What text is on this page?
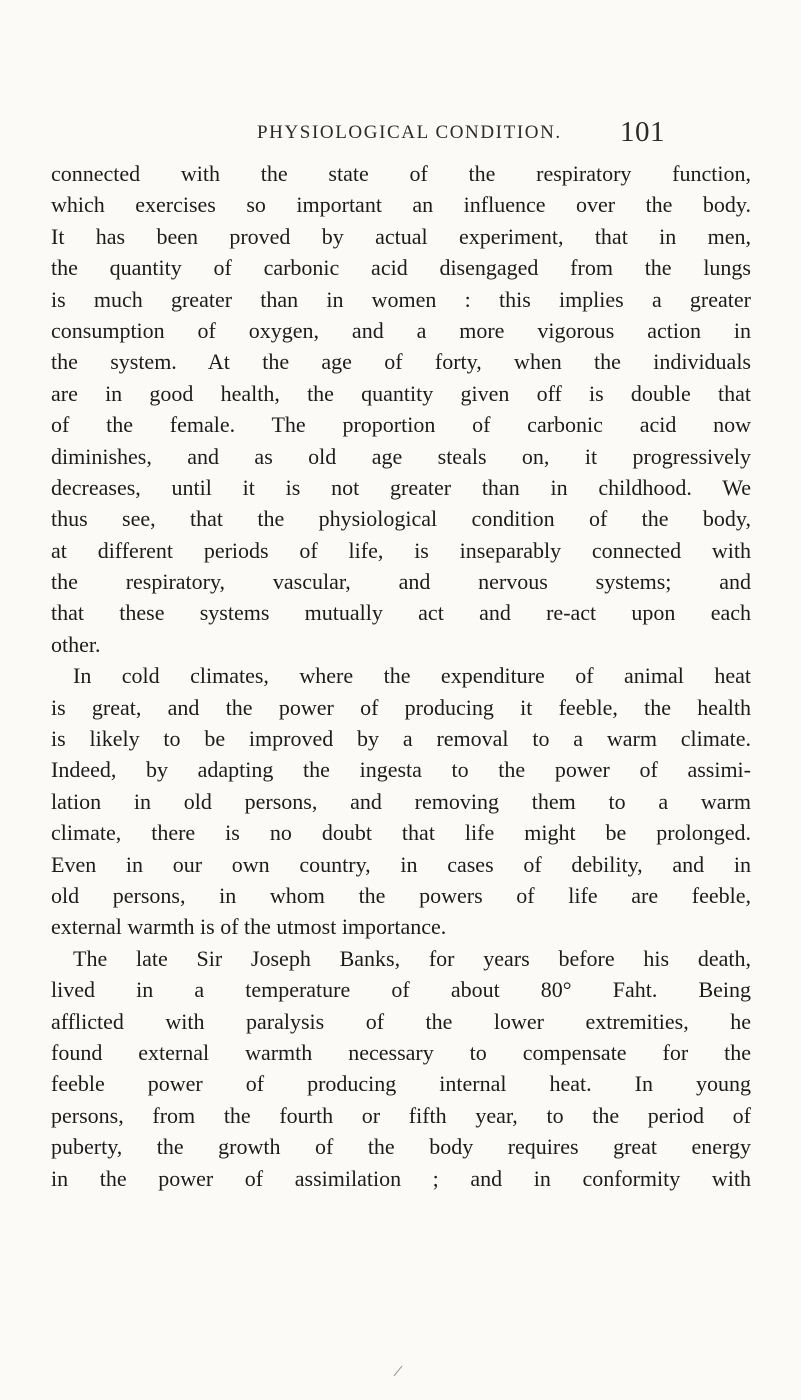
PHYSIOLOGICAL CONDITION. 101
connected with the state of the respiratory function,
which exercises so important an influence over the body.
It has been proved by actual experiment, that in men,
the quantity of carbonic acid disengaged from the lungs
is much greater than in women : this implies a greater
consumption of oxygen, and a more vigorous action in
the system. At the age of forty, when the individuals
are in good health, the quantity given off is double that
of the female. The proportion of carbonic acid now
diminishes, and as old age steals on, it progressively
decreases, until it is not greater than in childhood. We
thus see, that the physiological condition of the body,
at different periods of life, is inseparably connected with
the respiratory, vascular, and nervous systems; and
that these systems mutually act and re-act upon each
other.
In cold climates, where the expenditure of animal heat
is great, and the power of producing it feeble, the health
is likely to be improved by a removal to a warm climate.
Indeed, by adapting the ingesta to the power of assimi-
lation in old persons, and removing them to a warm
climate, there is no doubt that life might be prolonged.
Even in our own country, in cases of debility, and in
old persons, in whom the powers of life are feeble,
external warmth is of the utmost importance.
The late Sir Joseph Banks, for years before his death,
lived in a temperature of about 80° Faht. Being
afflicted with paralysis of the lower extremities, he
found external warmth necessary to compensate for the
feeble power of producing internal heat. In young
persons, from the fourth or fifth year, to the period of
puberty, the growth of the body requires great energy
in the power of assimilation ; and in conformity with
/
